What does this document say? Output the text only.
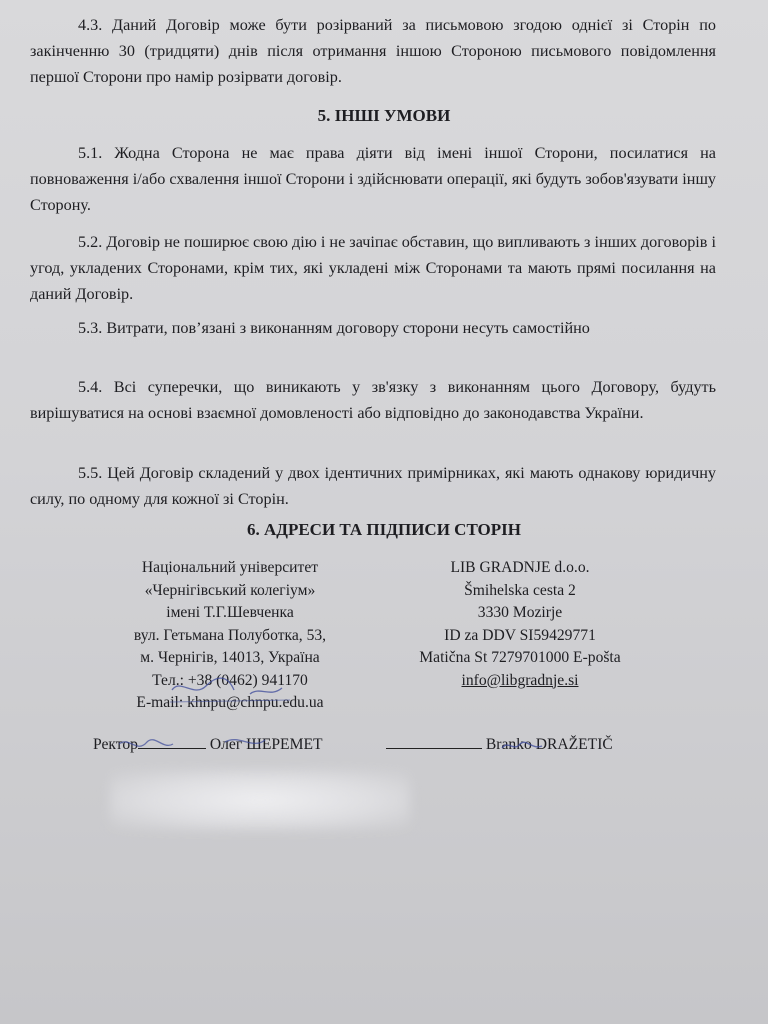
4.3. Даний Договір може бути розірваний за письмовою згодою однієї зі Сторін по закінченню 30 (тридцяти) днів після отримання іншою Стороною письмового повідомлення першої Сторони про намір розірвати договір.
5. ІНШІ УМОВИ
5.1. Жодна Сторона не має права діяти від імені іншої Сторони, посилатися на повноваження і/або схвалення іншої Сторони і здійснювати операції, які будуть зобов'язувати іншу Сторону.
5.2. Договір не поширює свою дію і не зачіпає обставин, що випливають з інших договорів і угод, укладених Сторонами, крім тих, які укладені між Сторонами та мають прямі посилання на даний Договір.
5.3. Витрати, пов’язані з виконанням договору сторони несуть самостійно
5.4. Всі суперечки, що виникають у зв'язку з виконанням цього Договору, будуть вирішуватися на основі взаємної домовленості або відповідно до законодавства України.
5.5. Цей Договір складений у двох ідентичних примірниках, які мають однакову юридичну силу, по одному для кожної зі Сторін.
6. АДРЕСИ ТА ПІДПИСИ СТОРІН
Національний університет
«Чернігівський колегіум»
імені Т.Г.Шевченка
вул. Гетьмана Полуботка, 53,
м. Чернігів, 14013, Україна
Тел.: +38 (0462) 941170
E-mail: khnpu@chnpu.edu.ua
LIB GRADNJE d.o.o.
Šmihelska cesta 2
3330 Mozirje
ID za DDV SI59429771
Matična St 7279701000 E-pošta
info@libgradnje.si
Ректор	Олег ШЕРЕМЕТ	Branko DRAŽETIČ
